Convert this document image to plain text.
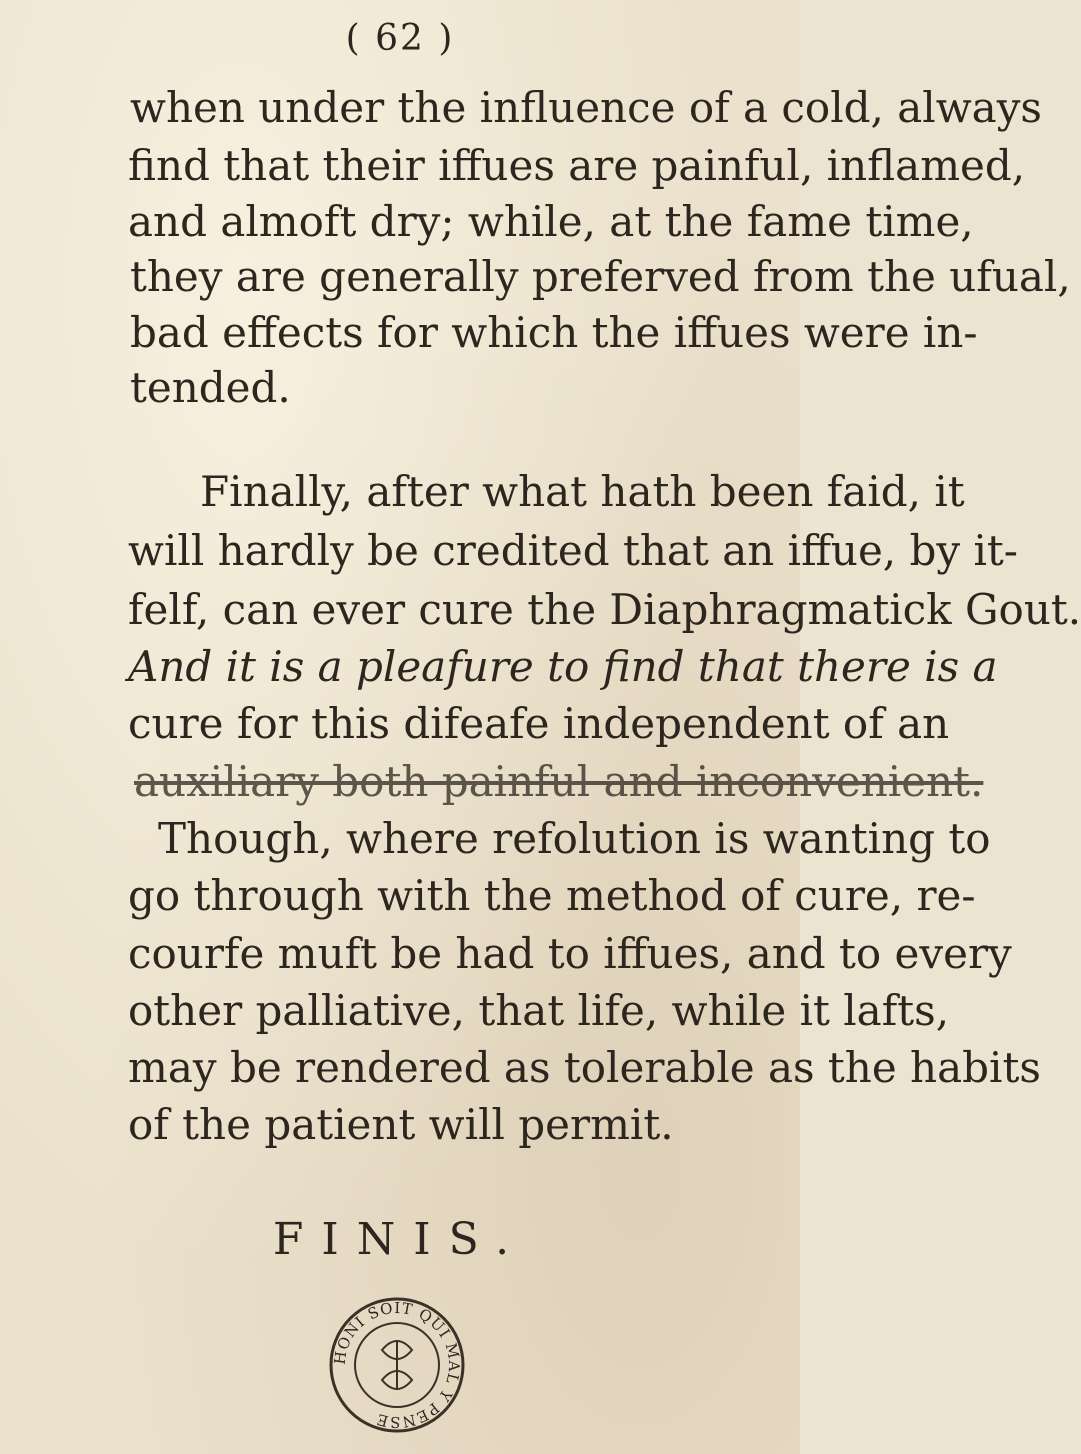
( 62 )
when under the influence of a cold, always
find that their iffues are painful, inflamed,
and almoft dry; while, at the fame time,
they are generally preferved from the ufual,
bad effects for which the iffues were in-
tended.
Finally, after what hath been faid, it
will hardly be credited that an iffue, by it-
felf, can ever cure the Diaphragmatick Gout.
And it is a pleafure to find that there is a
cure for this difeafe independent of an
auxiliary both painful and inconvenient.
Though, where refolution is wanting to
go through with the method of cure, re-
courfe muft be had to iffues, and to every
other palliative, that life, while it lafts,
may be rendered as tolerable as the habits
of the patient will permit.
FINIS.
HONI SOIT QUI MAL Y PENSE
